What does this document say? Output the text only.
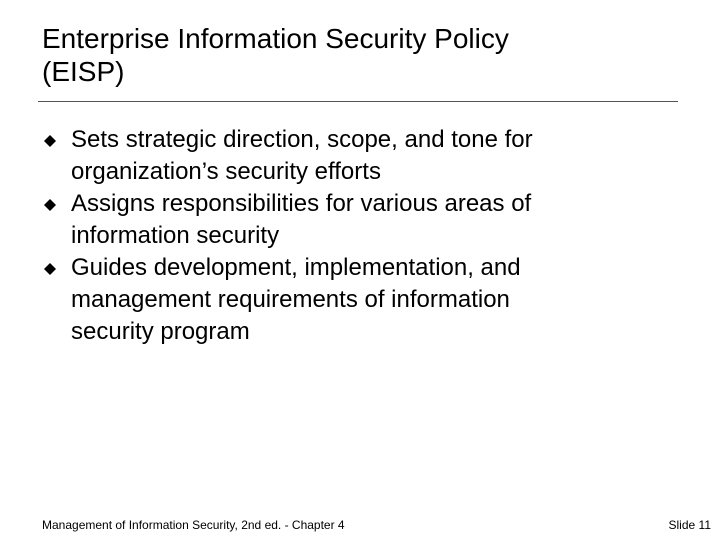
Enterprise Information Security Policy
(EISP)
Sets strategic direction, scope, and tone for
organization’s security efforts
Assigns responsibilities for various areas of
information security
Guides development, implementation, and
management requirements of information
security program
Management of Information Security, 2nd ed. - Chapter 4	Slide 11
